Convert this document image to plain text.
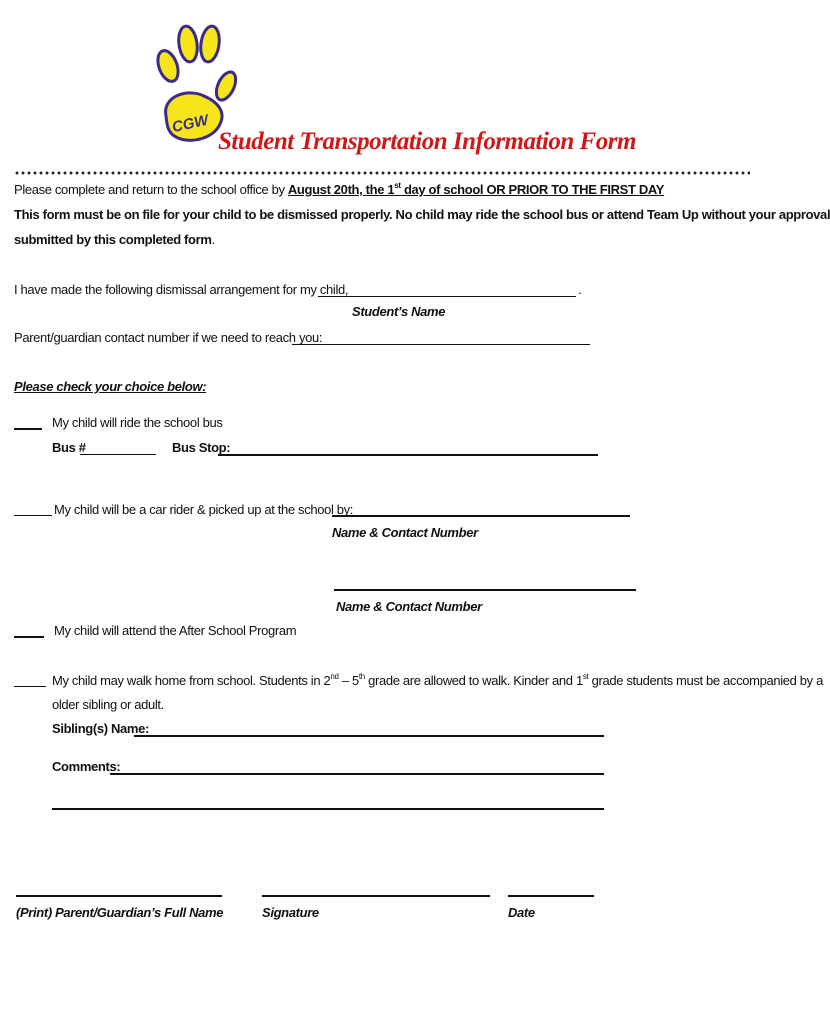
CGW
Student Transportation Information Form
Please complete and return to the school office by August 20th, the 1st day of school OR PRIOR TO THE FIRST DAY
This form must be on file for your child to be dismissed properly. No child may ride the school bus or attend Team Up without your approval
submitted by this completed form.
I have made the following dismissal arrangement for my child,	.
Student’s Name
Parent/guardian contact number if we need to reach you:
Please check your choice below:
My child will ride the school bus
Bus #	Bus Stop:
My child will be a car rider & picked up at the school by:
Name & Contact Number
Name & Contact Number
My child will attend the After School Program
My child may walk home from school. Students in 2nd – 5th grade are allowed to walk. Kinder and 1st grade students must be accompanied by a
older sibling or adult.
Sibling(s) Name:
Comments:
(Print) Parent/Guardian’s Full Name	Signature	Date
